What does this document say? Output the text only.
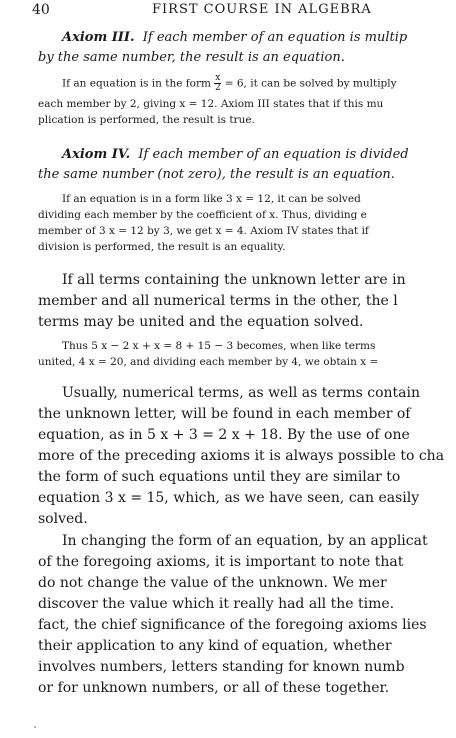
40	FIRST COURSE IN ALGEBRA
Axiom III. If each member of an equation is multip
by the same number, the result is an equation.
If an equation is in the form $\frac{x}{2} = 6$, it can be solved by multiply
each member by 2, giving x = 12. Axiom III states that if this mu
plication is performed, the result is true.
Axiom IV. If each member of an equation is divided
the same number (not zero), the result is an equation.
If an equation is in a form like 3 x = 12, it can be solved
dividing each member by the coefficient of x. Thus, dividing e
member of 3 x = 12 by 3, we get x = 4. Axiom IV states that if
division is performed, the result is an equality.
If all terms containing the unknown letter are in
member and all numerical terms in the other, the l
terms may be united and the equation solved.
Thus 5 x − 2 x + x = 8 + 15 − 3 becomes, when like terms
united, 4 x = 20, and dividing each member by 4, we obtain x =
Usually, numerical terms, as well as terms contain
the unknown letter, will be found in each member of
equation, as in 5 x + 3 = 2 x + 18. By the use of one
more of the preceding axioms it is always possible to cha
the form of such equations until they are similar to
equation 3 x = 15, which, as we have seen, can easily
solved.
In changing the form of an equation, by an applicat
of the foregoing axioms, it is important to note that
do not change the value of the unknown. We mer
discover the value which it really had all the time.
fact, the chief significance of the foregoing axioms lies
their application to any kind of equation, whether
involves numbers, letters standing for known numb
or for unknown numbers, or all of these together.
